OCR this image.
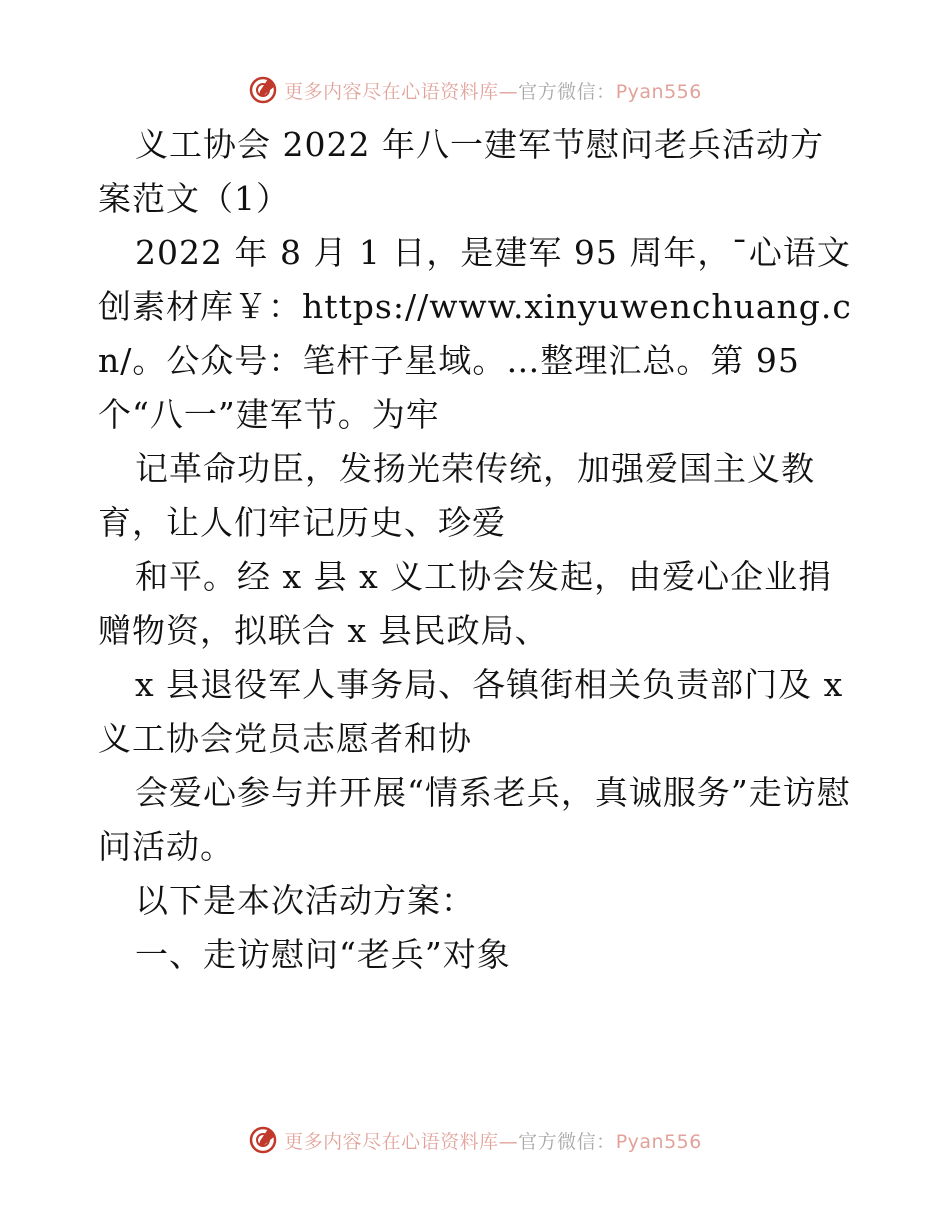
更多内容尽在心语资料库—官方微信：Pyan556

义工协会 2022 年八一建军节慰问老兵活动方案范文（1）

2022 年 8 月 1 日，是建军 95 周年，¯心语文创素材库￥：https://www.xinyuwenchuang.cn/。公众号：笔杆子星域。…整理汇总。第 95 个“八一”建军节。为牢

记革命功臣，发扬光荣传统，加强爱国主义教育，让人们牢记历史、珍爱

和平。经 x 县 x 义工协会发起，由爱心企业捐赠物资，拟联合 x 县民政局、

x 县退役军人事务局、各镇街相关负责部门及 x 义工协会党员志愿者和协

会爱心参与并开展“情系老兵，真诚服务”走访慰问活动。

以下是本次活动方案：

一、走访慰问“老兵”对象

更多内容尽在心语资料库—官方微信：Pyan556
